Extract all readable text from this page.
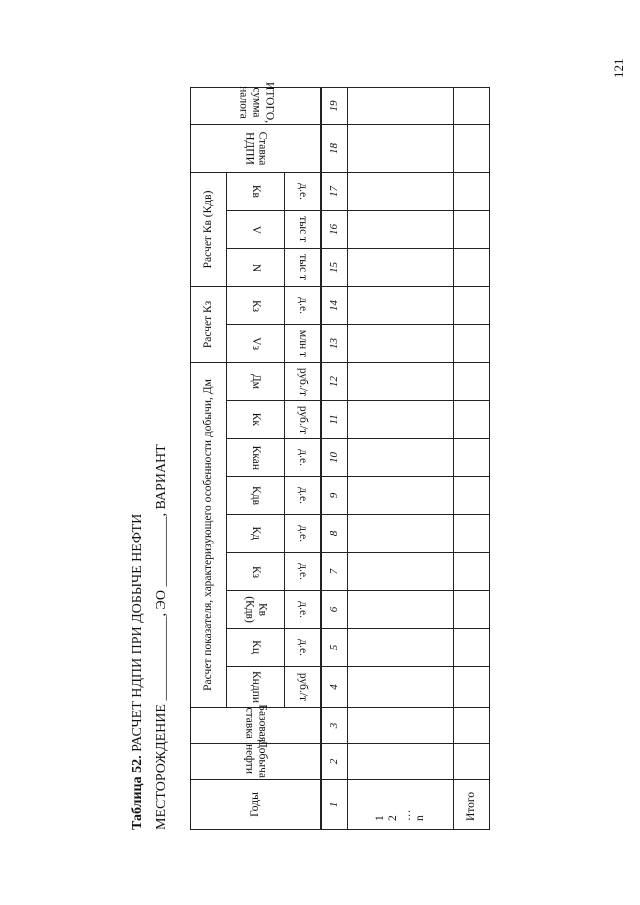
121
Таблица 52. РАСЧЕТ НДПИ ПРИ ДОБЫЧЕ НЕФТИ
МЕСТОРОЖДЕНИЕ ____________, ЭО __________, ВАРИАНТ
Годы	Добыча нефти	Базовая ставка	Расчет показателя, характеризующего особенности добычи, Дм									Расчет Кз		Расчет Кв (Кдв)			Ставка НДПИ	ИТОГО, сумма налога
			Кндпи	Кц	Кв (Кдв)	Кз	Кд	Кдв	Ккан	Кк	Дм	Vз	Кз	N	V	Кв		
			руб./т	д.е.	д.е.	д.е.	д.е.	д.е.	д.е.	руб./т	руб./т	млн т	д.е.	тыс т	тыс т	д.е.		

1	2	3	4	5	6	7	8	9	10	11	12	13	14	15	16	17	18	19

1 2 … n																		

Итого																		
